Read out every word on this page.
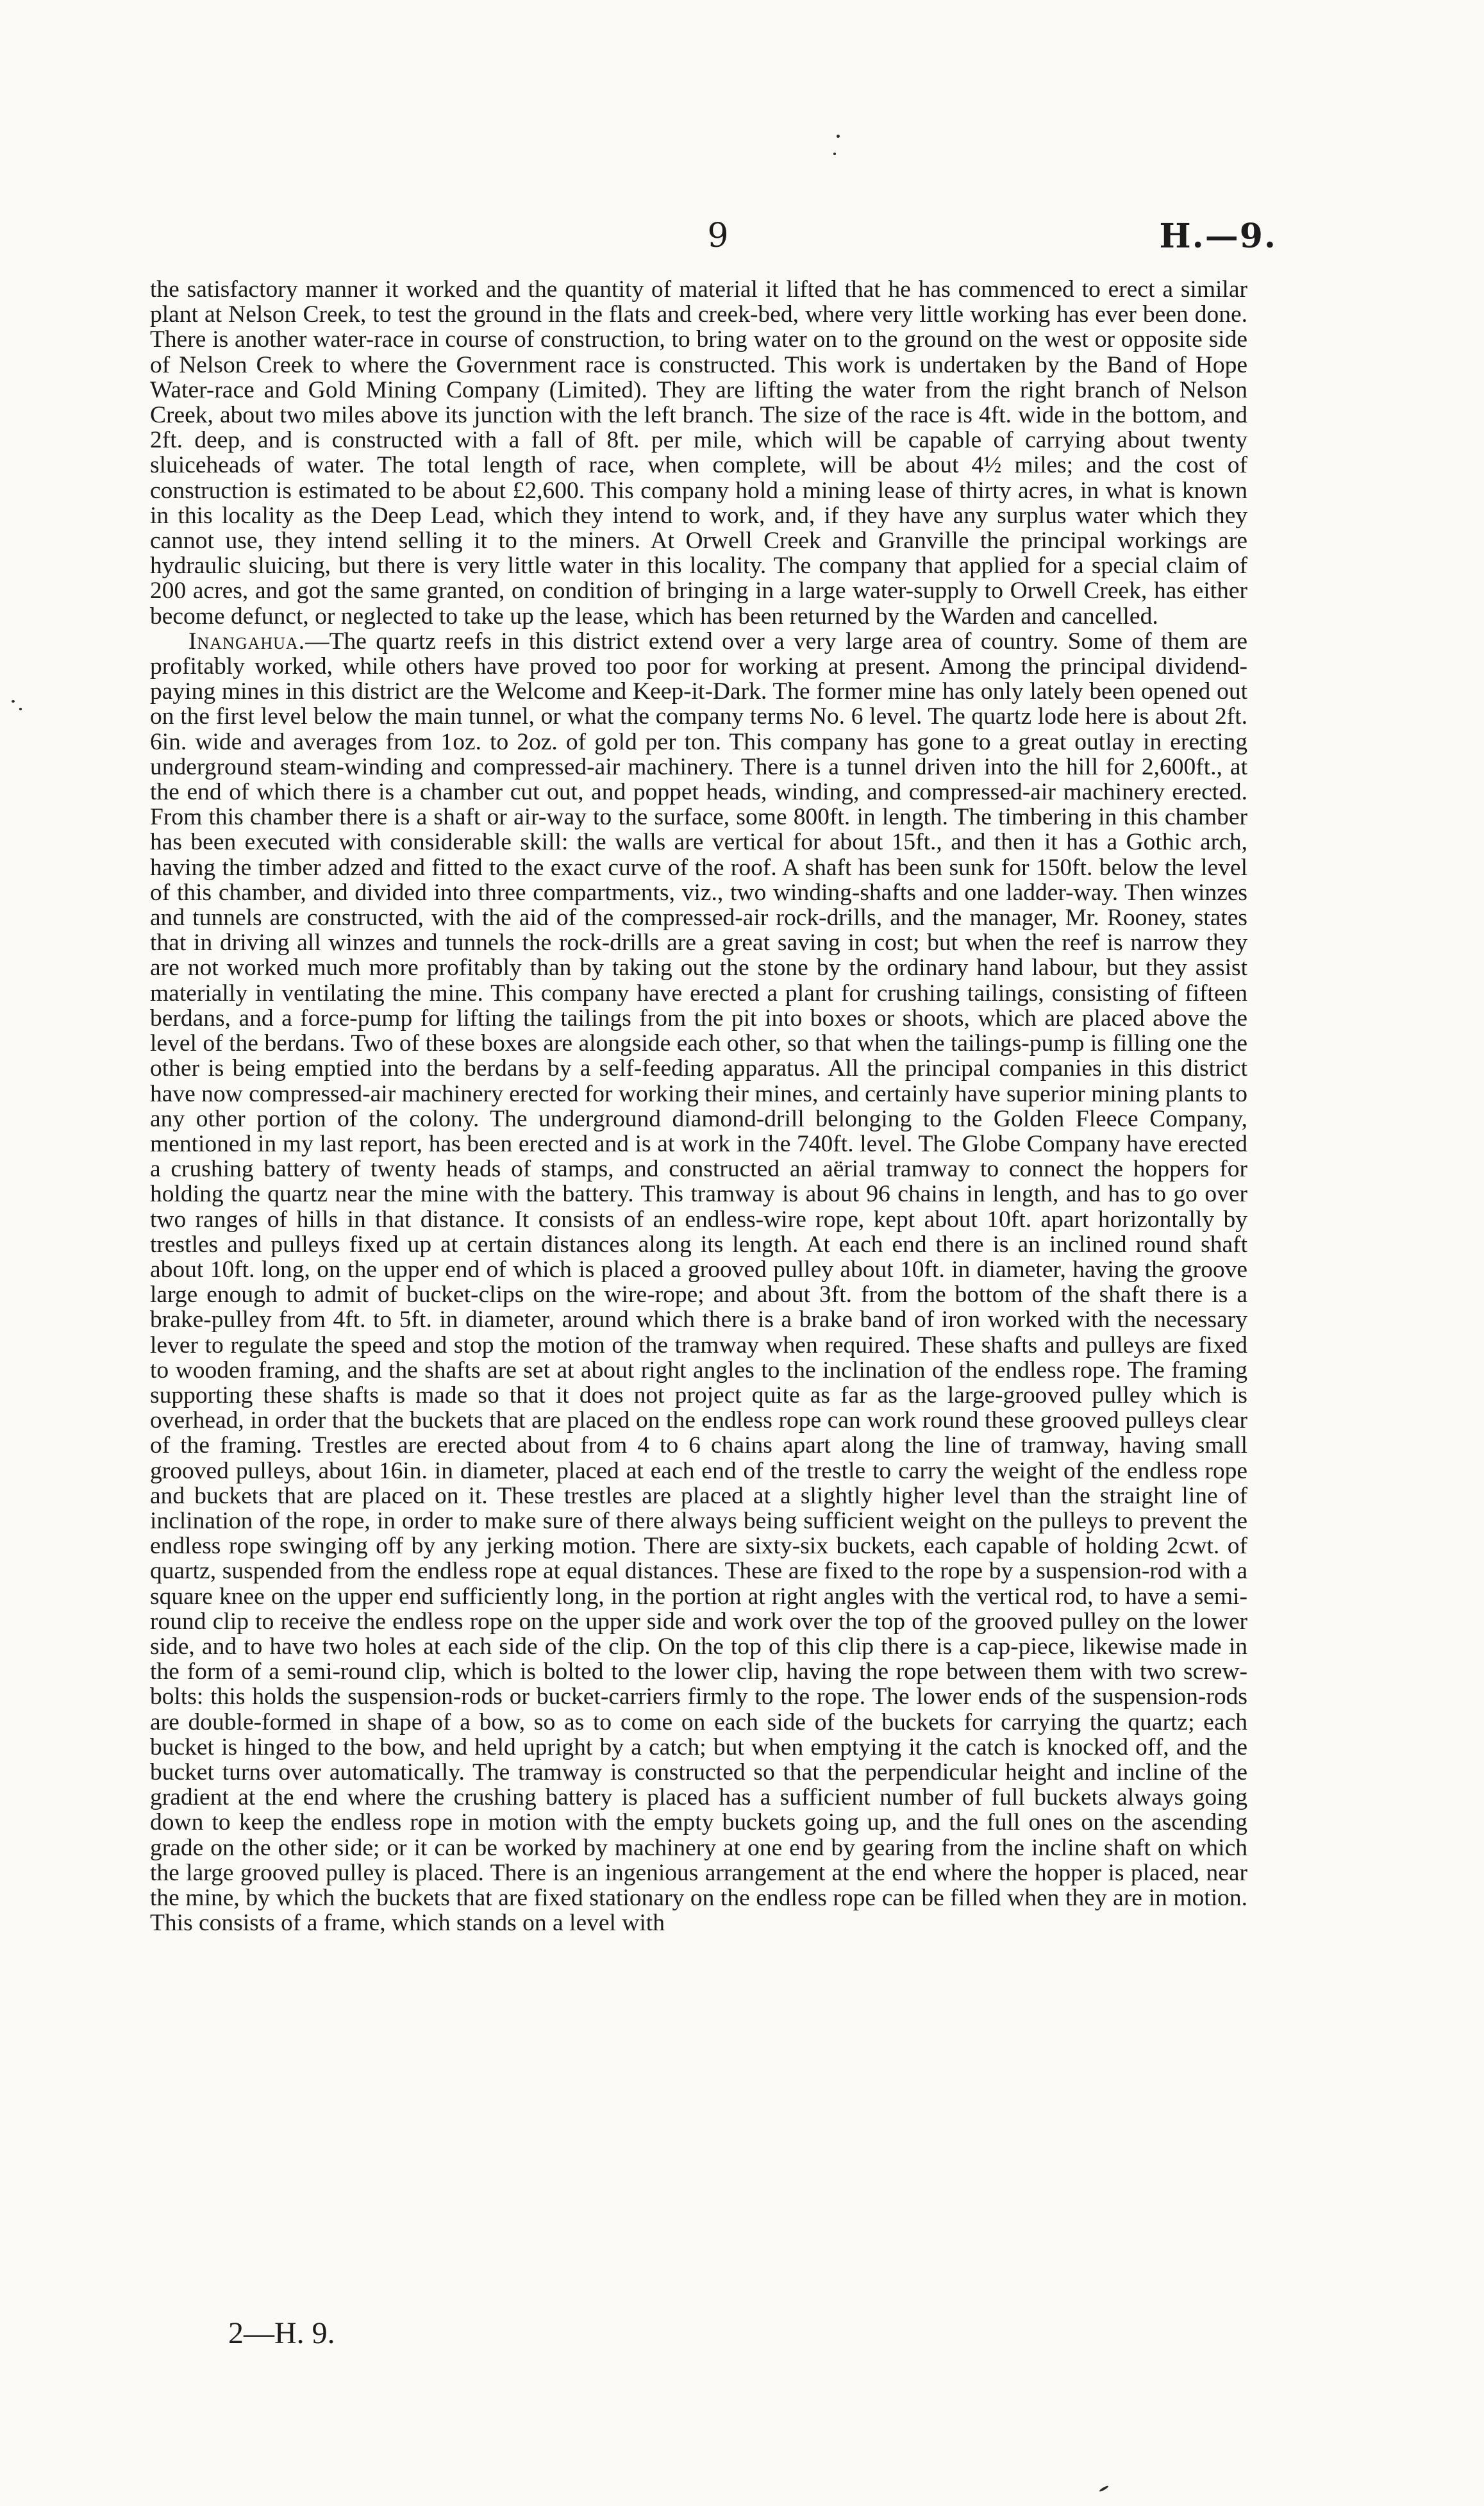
9	H.—9.

the satisfactory manner it worked and the quantity of material it lifted that he has commenced to erect a similar plant at Nelson Creek, to test the ground in the flats and creek-bed, where very little working has ever been done. There is another water-race in course of construction, to bring water on to the ground on the west or opposite side of Nelson Creek to where the Government race is constructed. This work is undertaken by the Band of Hope Water-race and Gold Mining Company (Limited). They are lifting the water from the right branch of Nelson Creek, about two miles above its junction with the left branch. The size of the race is 4ft. wide in the bottom, and 2ft. deep, and is constructed with a fall of 8ft. per mile, which will be capable of carrying about twenty sluiceheads of water. The total length of race, when complete, will be about 4½ miles; and the cost of construction is estimated to be about £2,600. This company hold a mining lease of thirty acres, in what is known in this locality as the Deep Lead, which they intend to work, and, if they have any surplus water which they cannot use, they intend selling it to the miners. At Orwell Creek and Granville the principal workings are hydraulic sluicing, but there is very little water in this locality. The company that applied for a special claim of 200 acres, and got the same granted, on condition of bringing in a large water-supply to Orwell Creek, has either become defunct, or neglected to take up the lease, which has been returned by the Warden and cancelled.

Inangahua.—The quartz reefs in this district extend over a very large area of country. Some of them are profitably worked, while others have proved too poor for working at present. Among the principal dividend-paying mines in this district are the Welcome and Keep-it-Dark. The former mine has only lately been opened out on the first level below the main tunnel, or what the company terms No. 6 level. The quartz lode here is about 2ft. 6in. wide and averages from 1oz. to 2oz. of gold per ton. This company has gone to a great outlay in erecting underground steam-winding and compressed-air machinery. There is a tunnel driven into the hill for 2,600ft., at the end of which there is a chamber cut out, and poppet heads, winding, and compressed-air machinery erected. From this chamber there is a shaft or air-way to the surface, some 800ft. in length. The timbering in this chamber has been executed with considerable skill: the walls are vertical for about 15ft., and then it has a Gothic arch, having the timber adzed and fitted to the exact curve of the roof. A shaft has been sunk for 150ft. below the level of this chamber, and divided into three compartments, viz., two winding-shafts and one ladder-way. Then winzes and tunnels are constructed, with the aid of the compressed-air rock-drills, and the manager, Mr. Rooney, states that in driving all winzes and tunnels the rock-drills are a great saving in cost; but when the reef is narrow they are not worked much more profitably than by taking out the stone by the ordinary hand labour, but they assist materially in ventilating the mine. This company have erected a plant for crushing tailings, consisting of fifteen berdans, and a force-pump for lifting the tailings from the pit into boxes or shoots, which are placed above the level of the berdans. Two of these boxes are alongside each other, so that when the tailings-pump is filling one the other is being emptied into the berdans by a self-feeding apparatus. All the principal companies in this district have now compressed-air machinery erected for working their mines, and certainly have superior mining plants to any other portion of the colony. The underground diamond-drill belonging to the Golden Fleece Company, mentioned in my last report, has been erected and is at work in the 740ft. level. The Globe Company have erected a crushing battery of twenty heads of stamps, and constructed an aërial tramway to connect the hoppers for holding the quartz near the mine with the battery. This tramway is about 96 chains in length, and has to go over two ranges of hills in that distance. It consists of an endless-wire rope, kept about 10ft. apart horizontally by trestles and pulleys fixed up at certain distances along its length. At each end there is an inclined round shaft about 10ft. long, on the upper end of which is placed a grooved pulley about 10ft. in diameter, having the groove large enough to admit of bucket-clips on the wire-rope; and about 3ft. from the bottom of the shaft there is a brake-pulley from 4ft. to 5ft. in diameter, around which there is a brake band of iron worked with the necessary lever to regulate the speed and stop the motion of the tramway when required. These shafts and pulleys are fixed to wooden framing, and the shafts are set at about right angles to the inclination of the endless rope. The framing supporting these shafts is made so that it does not project quite as far as the large-grooved pulley which is overhead, in order that the buckets that are placed on the endless rope can work round these grooved pulleys clear of the framing. Trestles are erected about from 4 to 6 chains apart along the line of tramway, having small grooved pulleys, about 16in. in diameter, placed at each end of the trestle to carry the weight of the endless rope and buckets that are placed on it. These trestles are placed at a slightly higher level than the straight line of inclination of the rope, in order to make sure of there always being sufficient weight on the pulleys to prevent the endless rope swinging off by any jerking motion. There are sixty-six buckets, each capable of holding 2cwt. of quartz, suspended from the endless rope at equal distances. These are fixed to the rope by a suspension-rod with a square knee on the upper end sufficiently long, in the portion at right angles with the vertical rod, to have a semi-round clip to receive the endless rope on the upper side and work over the top of the grooved pulley on the lower side, and to have two holes at each side of the clip. On the top of this clip there is a cap-piece, likewise made in the form of a semi-round clip, which is bolted to the lower clip, having the rope between them with two screw-bolts: this holds the suspension-rods or bucket-carriers firmly to the rope. The lower ends of the suspension-rods are double-formed in shape of a bow, so as to come on each side of the buckets for carrying the quartz; each bucket is hinged to the bow, and held upright by a catch; but when emptying it the catch is knocked off, and the bucket turns over automatically. The tramway is constructed so that the perpendicular height and incline of the gradient at the end where the crushing battery is placed has a sufficient number of full buckets always going down to keep the endless rope in motion with the empty buckets going up, and the full ones on the ascending grade on the other side; or it can be worked by machinery at one end by gearing from the incline shaft on which the large grooved pulley is placed. There is an ingenious arrangement at the end where the hopper is placed, near the mine, by which the buckets that are fixed stationary on the endless rope can be filled when they are in motion. This consists of a frame, which stands on a level with

2—H. 9.
